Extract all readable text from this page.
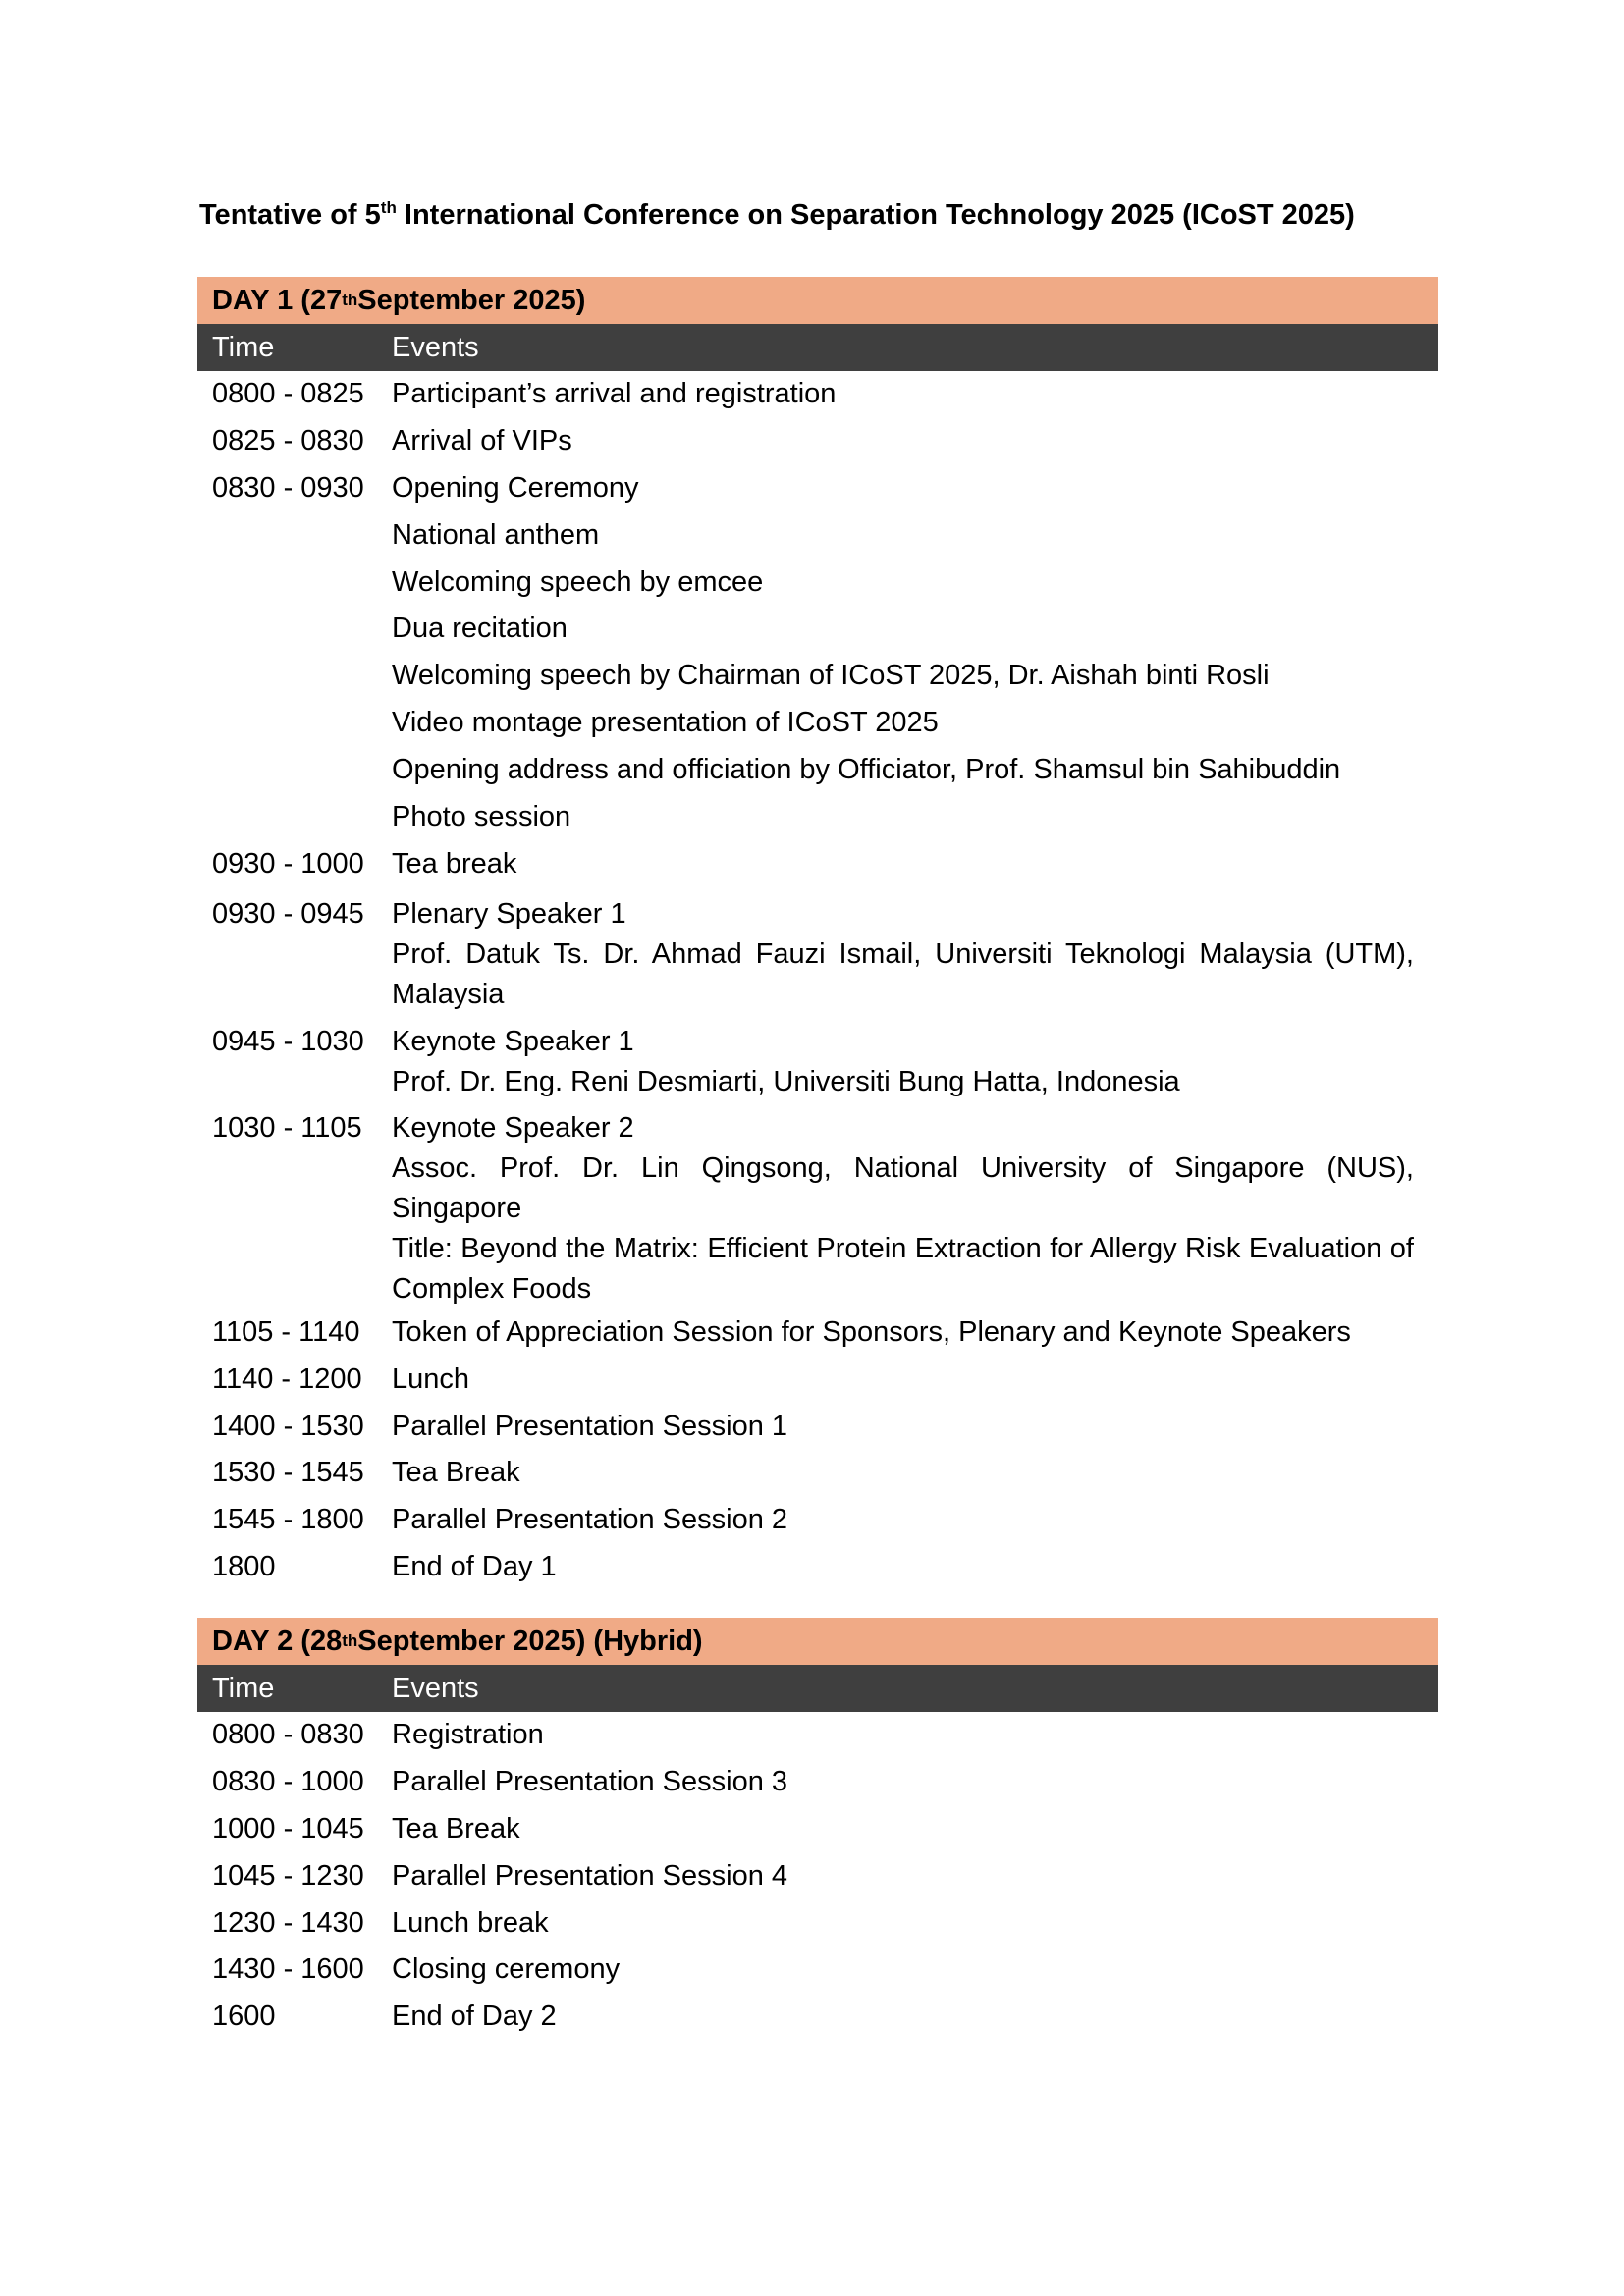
Tentative of 5th International Conference on Separation Technology 2025 (ICoST 2025)
DAY 1 (27 th September 2025)
Time	Events
0800 - 0825 Participant’s arrival and registration
0825 - 0830 Arrival of VIPs
0830 - 0930 Opening Ceremony
National anthem
Welcoming speech by emcee
Dua recitation
Welcoming speech by Chairman of ICoST 2025, Dr. Aishah binti Rosli
Video montage presentation of ICoST 2025
Opening address and officiation by Officiator, Prof. Shamsul bin Sahibuddin
Photo session
0930 - 1000 Tea break
0930 - 0945 Plenary Speaker 1
Prof. Datuk Ts. Dr. Ahmad Fauzi Ismail, Universiti Teknologi Malaysia (UTM), Malaysia
0945 - 1030 Keynote Speaker 1
Prof. Dr. Eng. Reni Desmiarti, Universiti Bung Hatta, Indonesia
1030 - 1105	Keynote Speaker 2
Assoc. Prof. Dr. Lin Qingsong, National University of Singapore (NUS), Singapore
Title: Beyond the Matrix: Efficient Protein Extraction for Allergy Risk Evaluation of Complex Foods
1105 - 1140	Token of Appreciation Session for Sponsors, Plenary and Keynote Speakers
1140 - 1200	Lunch
1400 - 1530 Parallel Presentation Session 1
1530 - 1545 Tea Break
1545 - 1800 Parallel Presentation Session 2
1800	End of Day 1
DAY 2 (28 th September 2025) (Hybrid)
Time	Events
0800 - 0830 Registration
0830 - 1000 Parallel Presentation Session 3
1000 - 1045 Tea Break
1045 - 1230 Parallel Presentation Session 4
1230 - 1430 Lunch break
1430 - 1600 Closing ceremony
1600	End of Day 2
